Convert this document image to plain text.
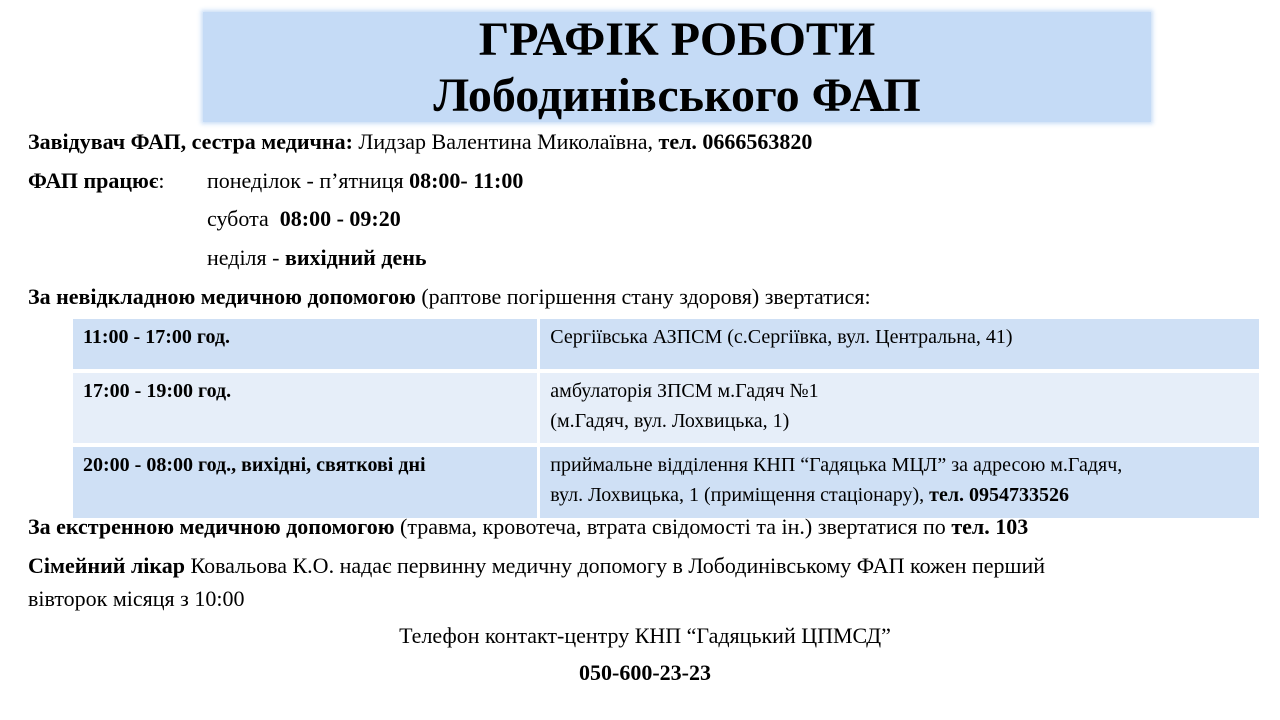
ГРАФІК РОБОТИ
Лободинівського ФАП
Завідувач ФАП, сестра медична: Лидзар Валентина Миколаївна, тел. 0666563820
ФАП працює: понеділок - п’ятниця 08:00- 11:00
субота  08:00 - 09:20
неділя - вихідний день
За невідкладною медичною допомогою (раптове погіршення стану здоровя) звертатися:
11:00 - 17:00 год.	Сергіївська АЗПСМ (с.Сергіївка, вул. Центральна, 41)
17:00 - 19:00 год.	амбулаторія ЗПСМ м.Гадяч №1
(м.Гадяч, вул. Лохвицька, 1)

20:00 - 08:00 год., вихідні, святкові дні	приймальне відділення КНП “Гадяцька МЦЛ” за адресою м.Гадяч,
вул. Лохвицька, 1 (приміщення стаціонару), тел. 0954733526
За екстренною медичною допомогою (травма, кровотеча, втрата свідомості та ін.) звертатися по тел. 103
Сімейний лікар Ковальова К.О. надає первинну медичну допомогу в Лободинівському ФАП кожен перший
вівторок місяця з 10:00
Телефон контакт-центру КНП “Гадяцький ЦПМСД”
050-600-23-23
